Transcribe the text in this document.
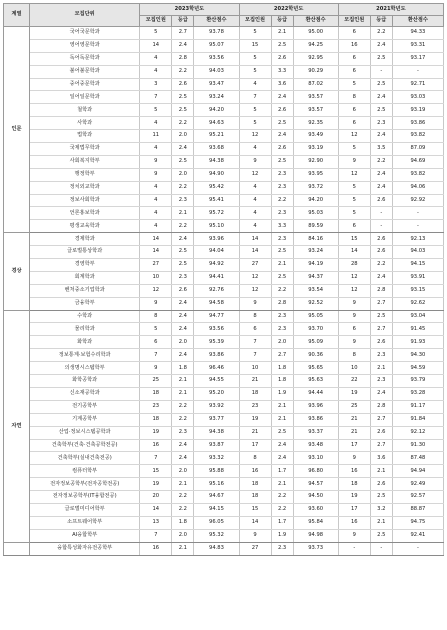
계열	모집단위	2023학년도			2022학년도			2021학년도		
		모집인원	등급	환산점수	모집인원	등급	환산점수	모집인원	등급	환산점수
인문	국어국문학과	5	2.7	93.78	5	2.1	95.00	6	2.2	94.33
	영어영문학과	14	2.4	95.07	15	2.5	94.25	16	2.4	93.31
	독어독문학과	4	2.8	93.56	5	2.6	92.95	6	2.5	93.17
	불어불문학과	4	2.2	94.03	5	3.3	90.29	6	-	-
	중어중문학과	3	2.6	93.47	4	3.6	87.02	5	2.5	92.71
	일어일문학과	7	2.5	93.24	7	2.4	93.57	8	2.4	93.03
	철학과	5	2.5	94.20	5	2.6	93.57	6	2.5	93.19
	사학과	4	2.2	94.63	5	2.5	92.35	6	2.3	93.86
	법학과	11	2.0	95.21	12	2.4	93.49	12	2.4	93.82
	국제법무학과	4	2.4	93.68	4	2.6	93.19	5	3.5	87.09
	사회복지학부	9	2.5	94.38	9	2.5	92.90	9	2.2	94.69
	행정학부	9	2.0	94.90	12	2.3	93.95	12	2.4	93.82
	정치외교학과	4	2.2	95.42	4	2.3	93.72	5	2.4	94.06
	정보사회학과	4	2.3	95.41	4	2.2	94.20	5	2.6	92.92
	언론홍보학과	4	2.1	95.72	4	2.3	95.03	5	-	-
	평생교육학과	4	2.2	95.10	4	3.3	89.59	6	-	-
경상	경제학과	14	2.4	93.96	14	2.3	84.16	15	2.6	92.13
	글로벌통상학과	14	2.5	94.04	14	2.5	93.24	14	2.6	94.03
	경영학부	27	2.5	94.92	27	2.1	94.19	28	2.2	94.15
	회계학과	10	2.3	94.41	12	2.5	94.37	12	2.4	93.91
	벤처중소기업학과	12	2.6	92.76	12	2.2	93.54	12	2.8	93.15
	금융학부	9	2.4	94.58	9	2.8	92.52	9	2.7	92.62
자연	수학과	8	2.4	94.77	8	2.3	95.05	9	2.5	93.04
	물리학과	5	2.4	93.56	6	2.3	93.70	6	2.7	91.45
	화학과	6	2.0	95.39	7	2.0	95.09	9	2.6	91.93
	정보통계·보험수리학과	7	2.4	93.86	7	2.7	90.36	8	2.3	94.30
	의생명시스템학부	9	1.8	96.46	10	1.8	95.65	10	2.1	94.59
	화학공학과	25	2.1	94.55	21	1.8	95.63	22	2.3	93.79
	신소재공학과	18	2.1	95.20	18	1.9	94.44	19	2.4	93.28
	전기공학부	23	2.2	93.92	23	2.1	93.96	25	2.8	91.17
	기계공학부	18	2.2	93.77	19	2.1	93.86	21	2.7	91.84
	산업·정보시스템공학과	19	2.3	94.38	21	2.5	93.37	21	2.6	92.12
	건축학부(건축·건축공학전공)	16	2.4	93.87	17	2.4	93.48	17	2.7	91.30
	건축학부(실내건축전공)	7	2.4	93.32	8	2.4	93.10	9	3.6	87.48
	컴퓨터학부	15	2.0	95.88	16	1.7	96.80	16	2.1	94.94
	전자정보공학부(전자공학전공)	19	2.1	95.16	18	2.1	94.57	18	2.6	92.49
	전자정보공학부(IT융합전공)	20	2.2	94.67	18	2.2	94.50	19	2.5	92.57
	글로벌미디어학부	14	2.2	94.15	15	2.2	93.60	17	3.2	88.87
	소프트웨어학부	13	1.8	96.05	14	1.7	95.84	16	2.1	94.75
	AI융합학부	7	2.0	95.32	9	1.9	94.98	9	2.5	92.41
	융합특성화자유전공학부	16	2.1	94.83	27	2.3	93.73	-	-	-
